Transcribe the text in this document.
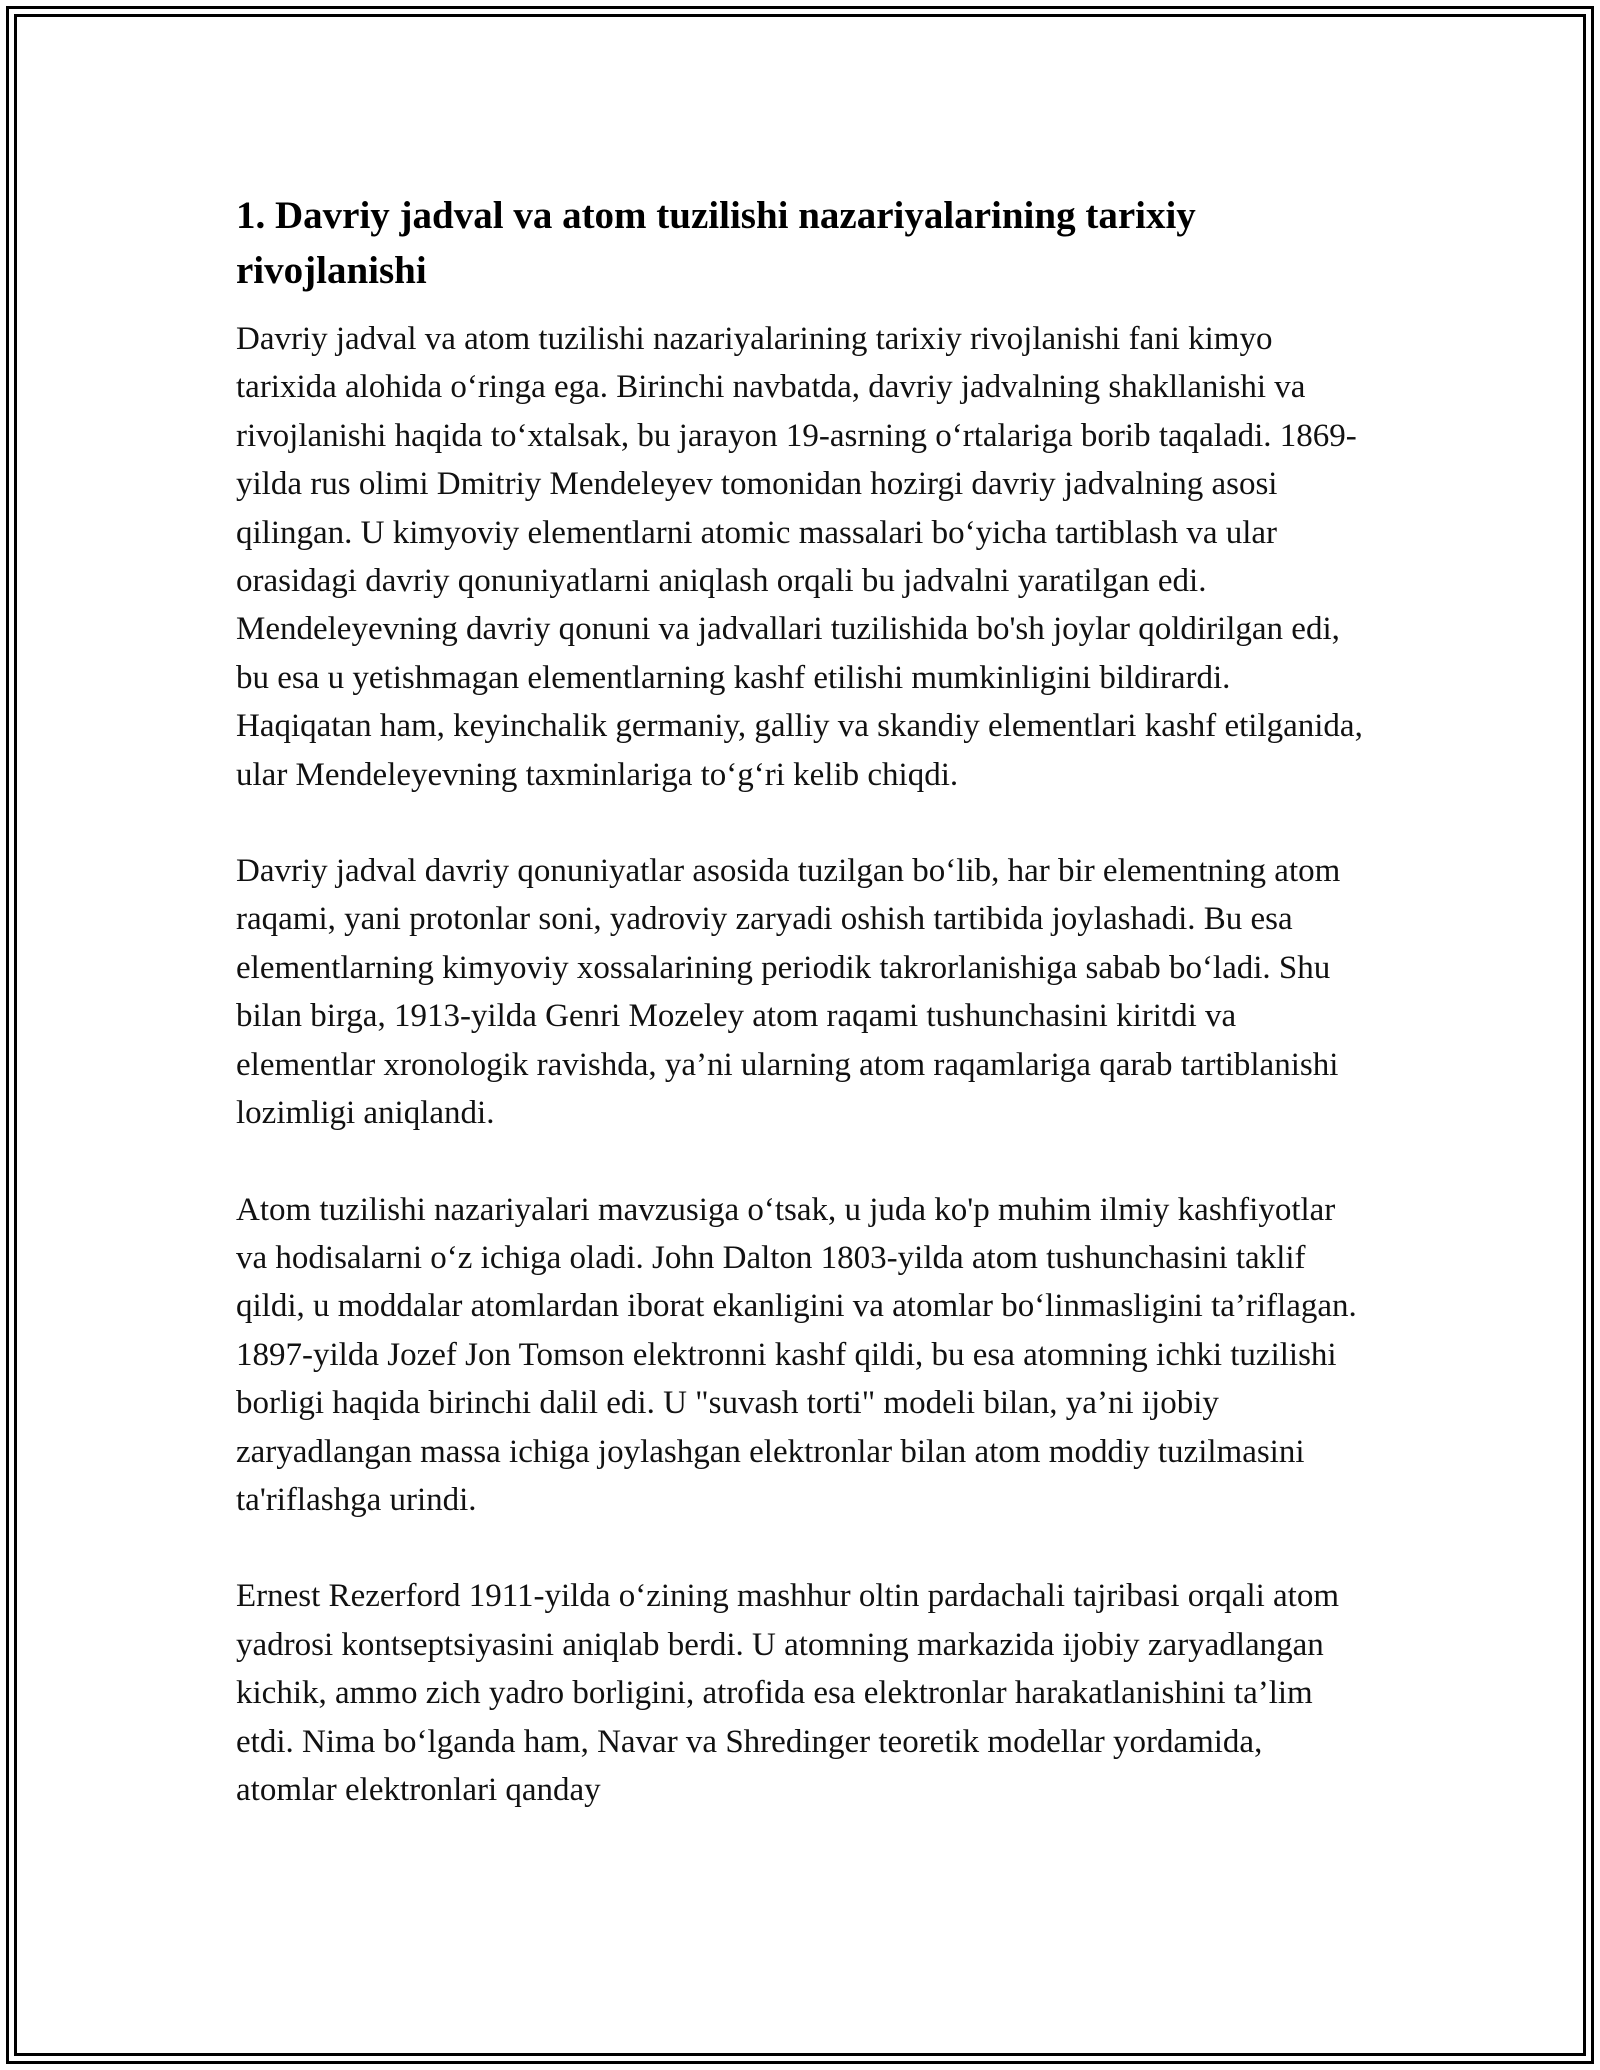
1. Davriy jadval va atom tuzilishi nazariyalarining tarixiy rivojlanishi

Davriy jadval va atom tuzilishi nazariyalarining tarixiy rivojlanishi fani kimyo tarixida alohida o‘ringa ega. Birinchi navbatda, davriy jadvalning shakllanishi va rivojlanishi haqida to‘xtalsak, bu jarayon 19-asrning o‘rtalariga borib taqaladi. 1869-yilda rus olimi Dmitriy Mendeleyev tomonidan hozirgi davriy jadvalning asosi qilingan. U kimyoviy elementlarni atomic massalari bo‘yicha tartiblash va ular orasidagi davriy qonuniyatlarni aniqlash orqali bu jadvalni yaratilgan edi. Mendeleyevning davriy qonuni va jadvallari tuzilishida bo'sh joylar qoldirilgan edi, bu esa u yetishmagan elementlarning kashf etilishi mumkinligini bildirardi. Haqiqatan ham, keyinchalik germaniy, galliy va skandiy elementlari kashf etilganida, ular Mendeleyevning taxminlariga to‘g‘ri kelib chiqdi.

Davriy jadval davriy qonuniyatlar asosida tuzilgan bo‘lib, har bir elementning atom raqami, yani protonlar soni, yadroviy zaryadi oshish tartibida joylashadi. Bu esa elementlarning kimyoviy xossalarining periodik takrorlanishiga sabab bo‘ladi. Shu bilan birga, 1913-yilda Genri Mozeley atom raqami tushunchasini kiritdi va elementlar xronologik ravishda, ya’ni ularning atom raqamlariga qarab tartiblanishi lozimligi aniqlandi.

Atom tuzilishi nazariyalari mavzusiga o‘tsak, u juda ko'p muhim ilmiy kashfiyotlar va hodisalarni o‘z ichiga oladi. John Dalton 1803-yilda atom tushunchasini taklif qildi, u moddalar atomlardan iborat ekanligini va atomlar bo‘linmasligini ta’riflagan. 1897-yilda Jozef Jon Tomson elektronni kashf qildi, bu esa atomning ichki tuzilishi borligi haqida birinchi dalil edi. U "suvash torti" modeli bilan, ya’ni ijobiy zaryadlangan massa ichiga joylashgan elektronlar bilan atom moddiy tuzilmasini ta'riflashga urindi.

Ernest Rezerford 1911-yilda o‘zining mashhur oltin pardachali tajribasi orqali atom yadrosi kontseptsiyasini aniqlab berdi. U atomning markazida ijobiy zaryadlangan kichik, ammo zich yadro borligini, atrofida esa elektronlar harakatlanishini ta’lim etdi. Nima bo‘lganda ham, Navar va Shredinger teoretik modellar yordamida, atomlar elektronlari qanday
